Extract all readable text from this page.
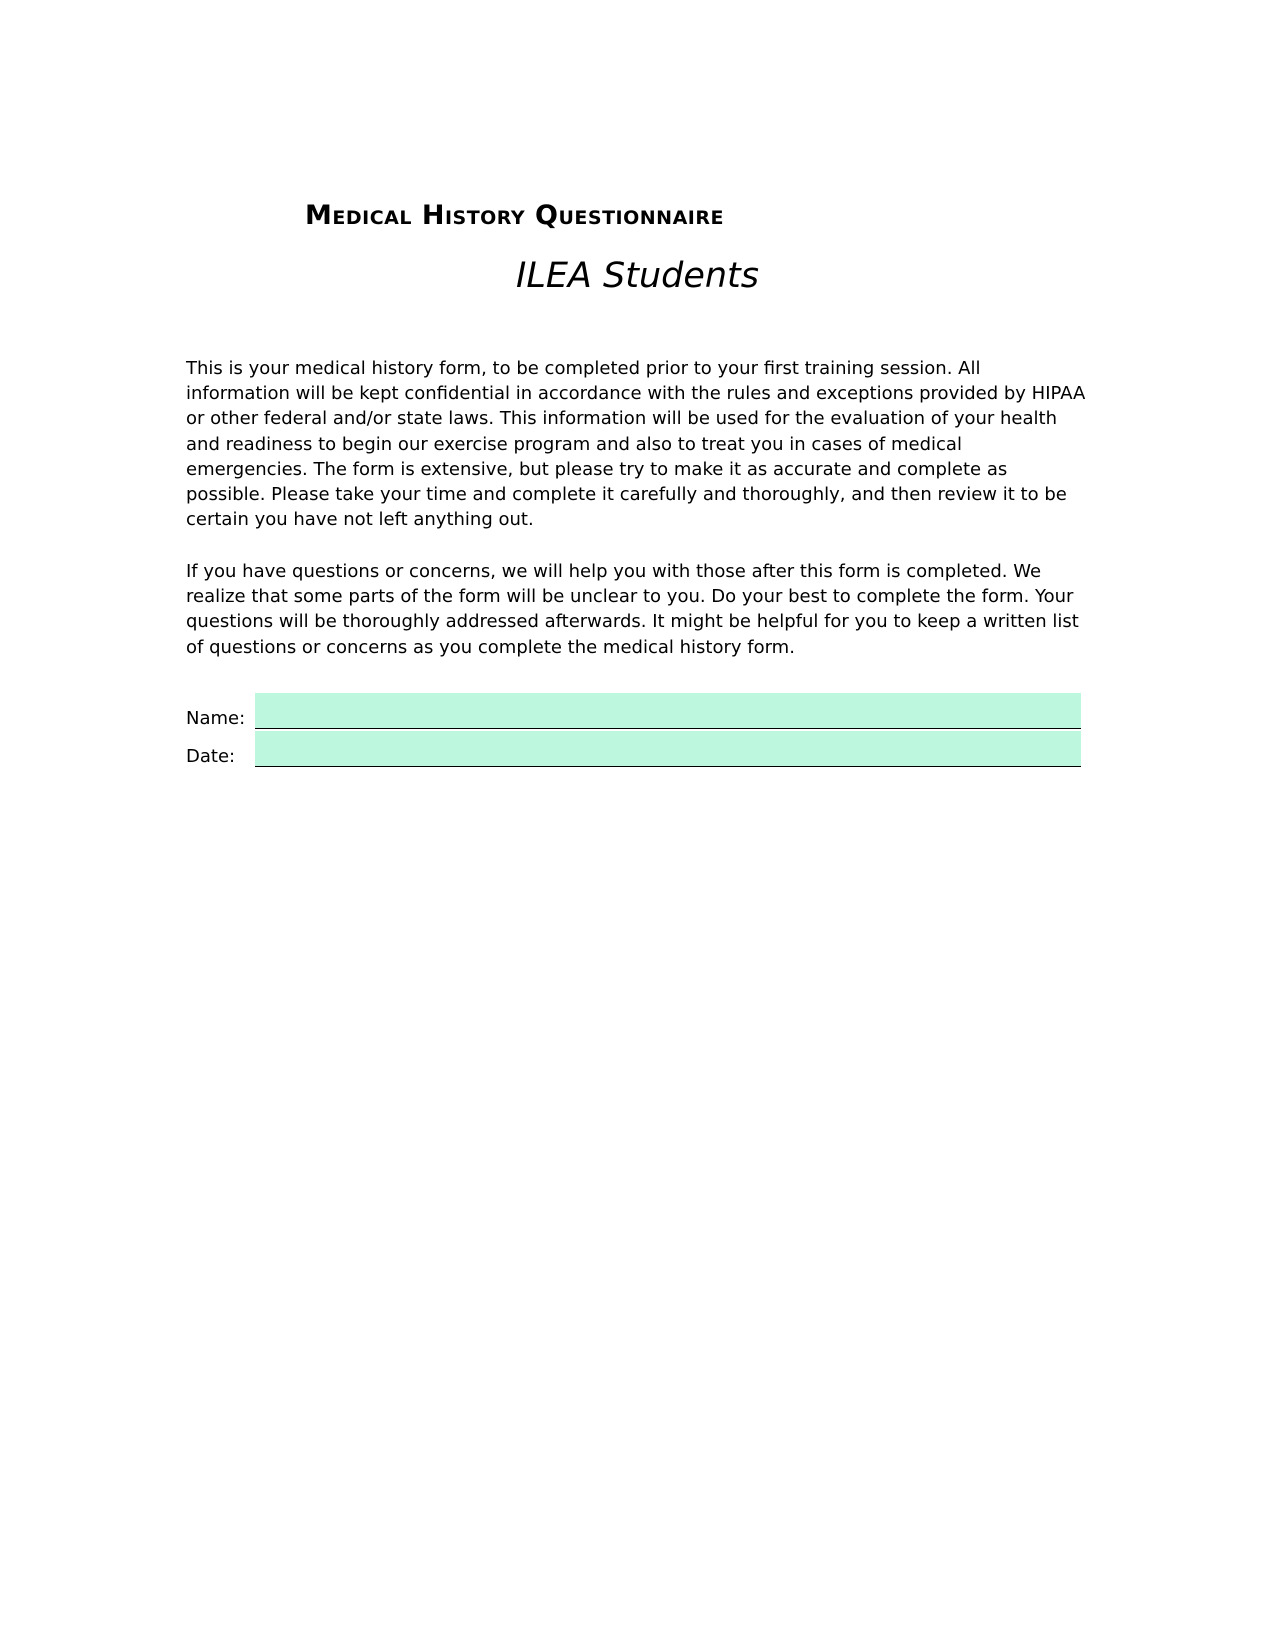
Medical History Questionnaire
ILEA Students

This is your medical history form, to be completed prior to your first training session. All information will be kept confidential in accordance with the rules and exceptions provided by HIPAA or other federal and/or state laws. This information will be used for the evaluation of your health and readiness to begin our exercise program and also to treat you in cases of medical emergencies. The form is extensive, but please try to make it as accurate and complete as possible. Please take your time and complete it carefully and thoroughly, and then review it to be certain you have not left anything out.

If you have questions or concerns, we will help you with those after this form is completed. We realize that some parts of the form will be unclear to you. Do your best to complete the form. Your questions will be thoroughly addressed afterwards. It might be helpful for you to keep a written list of questions or concerns as you complete the medical history form.

Name:
Date:
